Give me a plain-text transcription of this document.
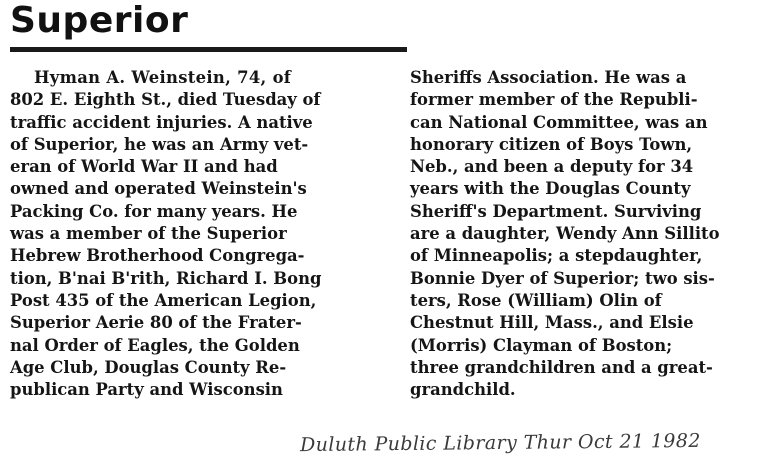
Superior
Hyman A. Weinstein, 74, of
802 E. Eighth St., died Tuesday of
traffic accident injuries. A native
of Superior, he was an Army vet-
eran of World War II and had
owned and operated Weinstein's
Packing Co. for many years. He
was a member of the Superior
Hebrew Brotherhood Congrega-
tion, B'nai B'rith, Richard I. Bong
Post 435 of the American Legion,
Superior Aerie 80 of the Frater-
nal Order of Eagles, the Golden
Age Club, Douglas County Re-
publican Party and Wisconsin
Sheriffs Association. He was a
former member of the Republi-
can National Committee, was an
honorary citizen of Boys Town,
Neb., and been a deputy for 34
years with the Douglas County
Sheriff's Department. Surviving
are a daughter, Wendy Ann Sillito
of Minneapolis; a stepdaughter,
Bonnie Dyer of Superior; two sis-
ters, Rose (William) Olin of
Chestnut Hill, Mass., and Elsie
(Morris) Clayman of Boston;
three grandchildren and a great-
grandchild.
Duluth Public Library Thur Oct 21 1982
